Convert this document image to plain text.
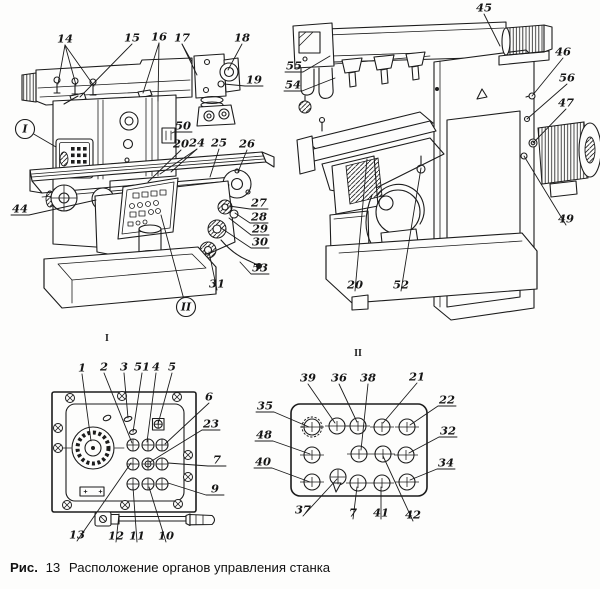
I
II
I
II
14	15 16 17	18
19
50
20 24 25 26
44	27
28
29
30
53
31
45
55
54
46
56
47
49
20	52
1 2 3 51 4 5
6
23
7
9
13 12 11 10
39 36 38	21
22
32
34
35
48
40
37	7 41 42
Рис. 13 Расположение органов управления станка
